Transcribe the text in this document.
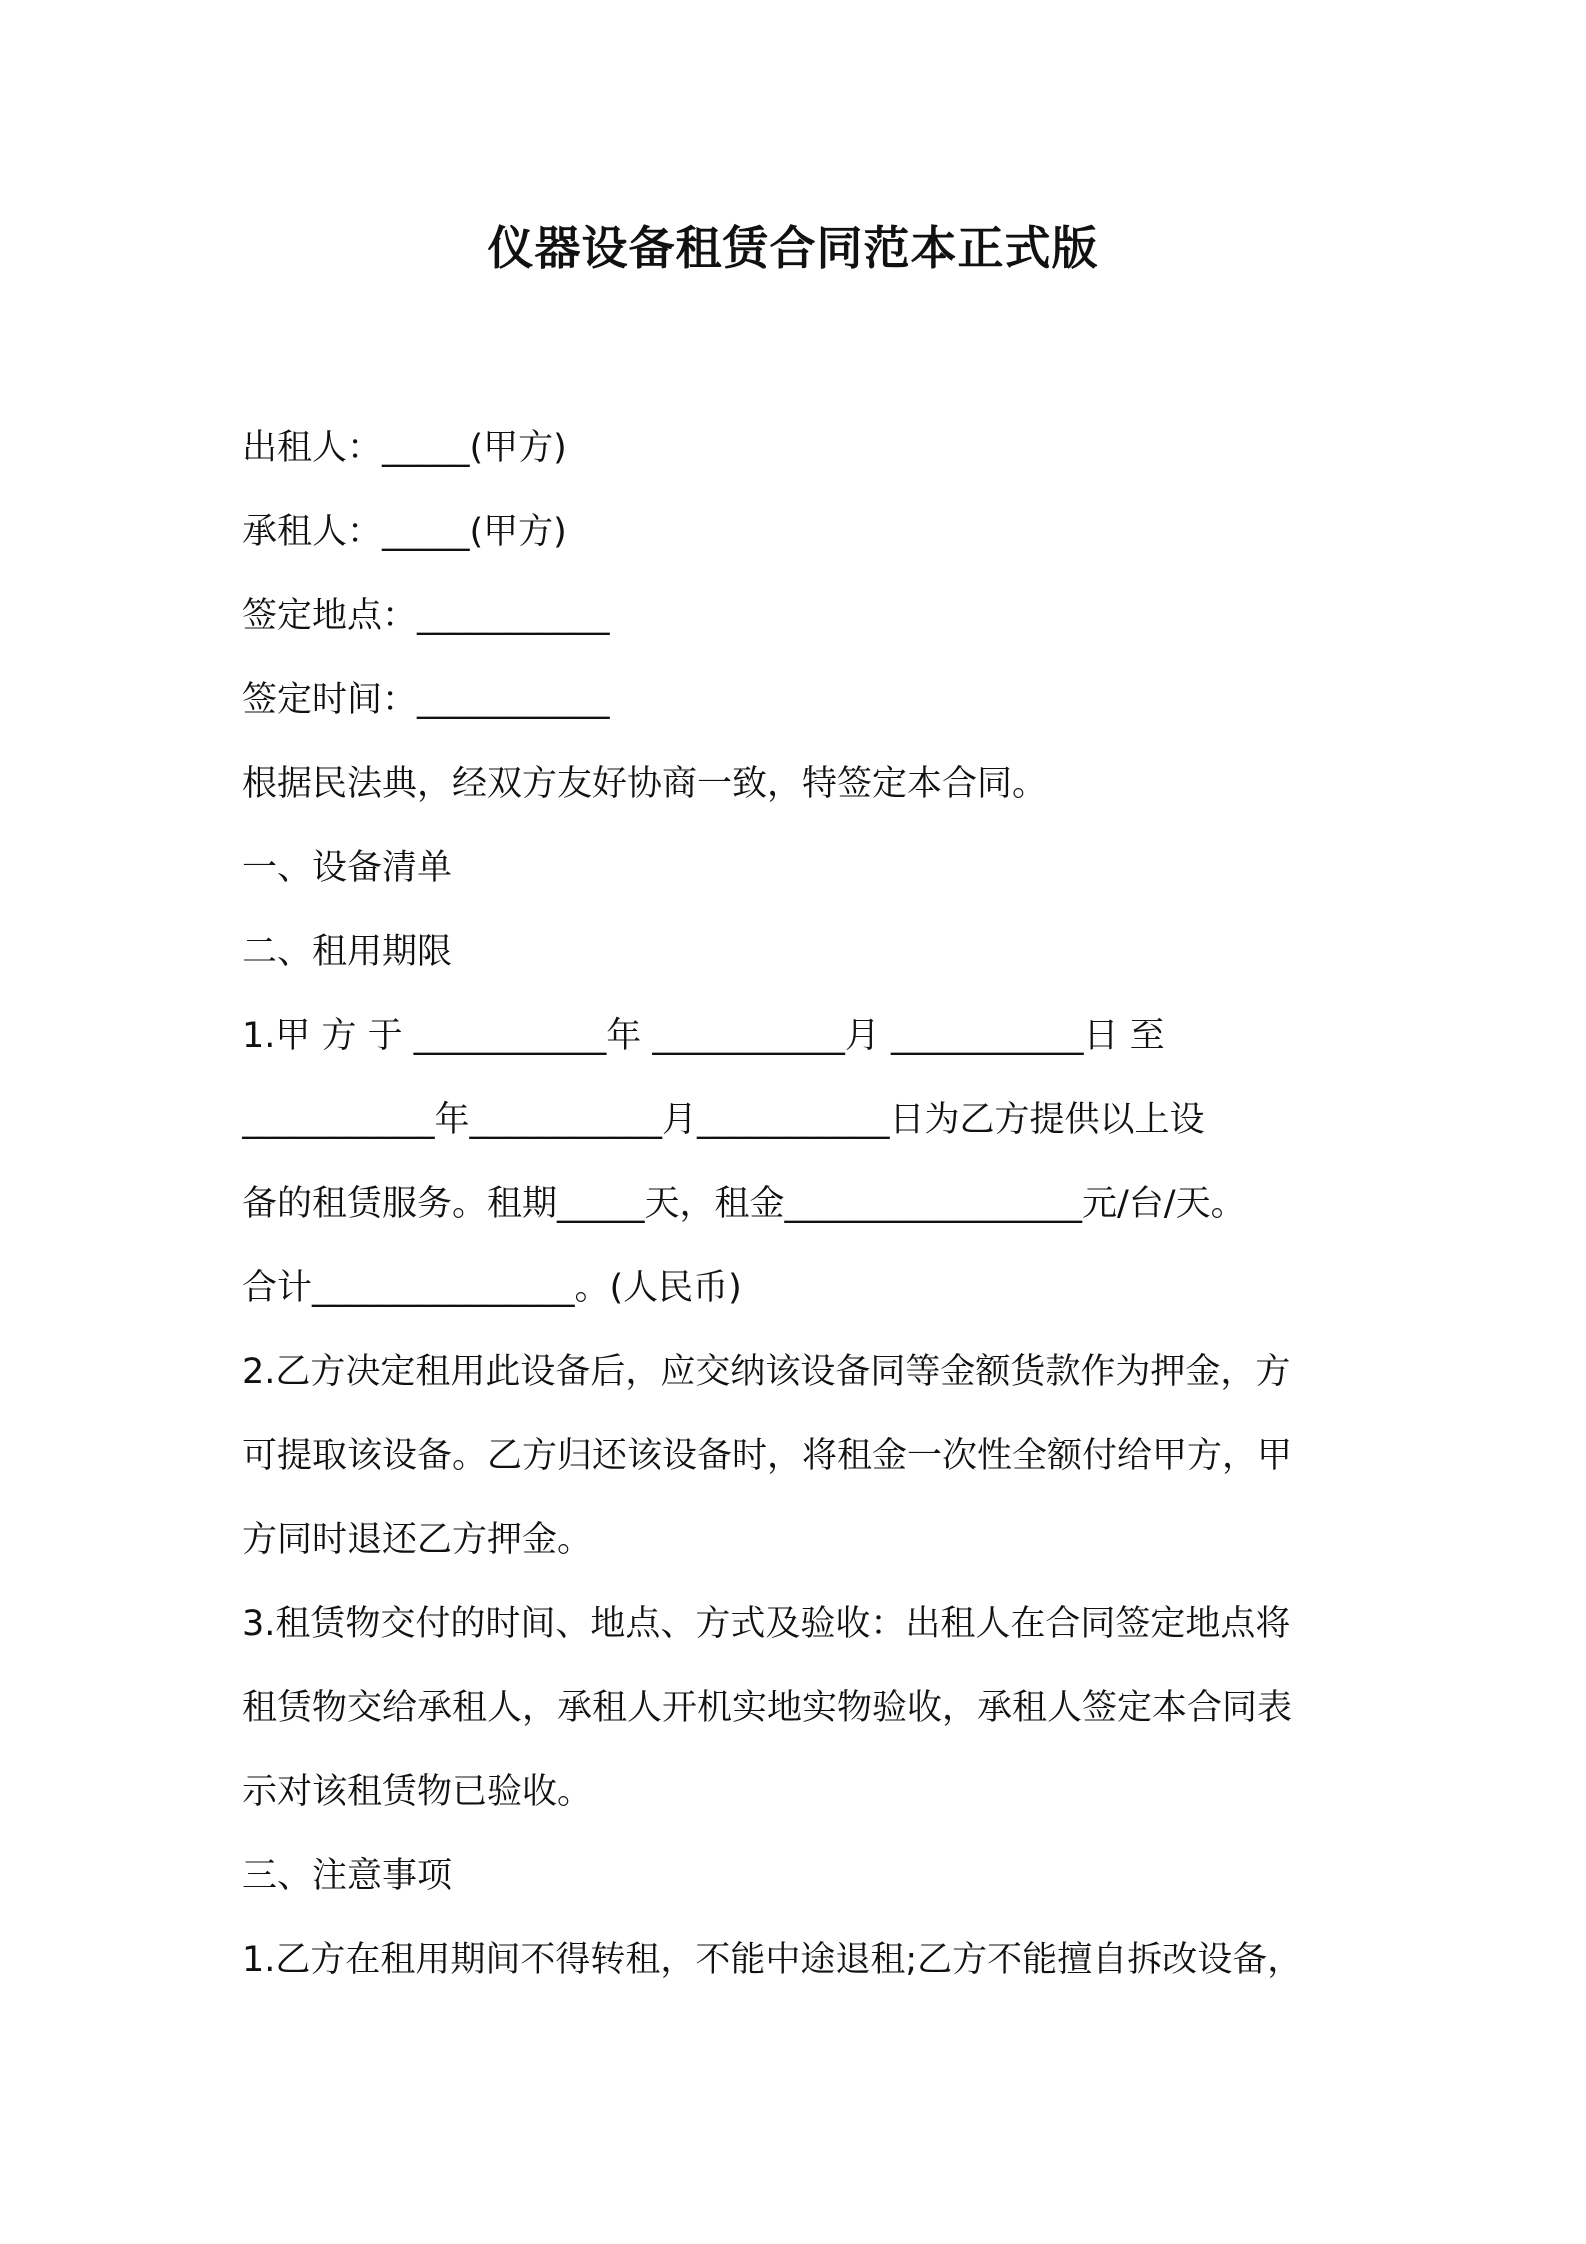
仪器设备租赁合同范本正式版
出租人：_____(甲方)
承租人：_____(甲方)
签定地点：___________
签定时间：___________
根据民法典，经双方友好协商一致，特签定本合同。
一、设备清单
二、租用期限
1.甲 方 于 ___________年 ___________月 ___________日 至
___________年___________月___________日为乙方提供以上设
备的租赁服务。租期_____天，租金_________________元/台/天。
合计_______________。(人民币)
2.乙方决定租用此设备后，应交纳该设备同等金额货款作为押金，方
可提取该设备。乙方归还该设备时，将租金一次性全额付给甲方，甲
方同时退还乙方押金。
3.租赁物交付的时间、地点、方式及验收：出租人在合同签定地点将
租赁物交给承租人，承租人开机实地实物验收，承租人签定本合同表
示对该租赁物已验收。
三、注意事项
1.乙方在租用期间不得转租，不能中途退租;乙方不能擅自拆改设备，
